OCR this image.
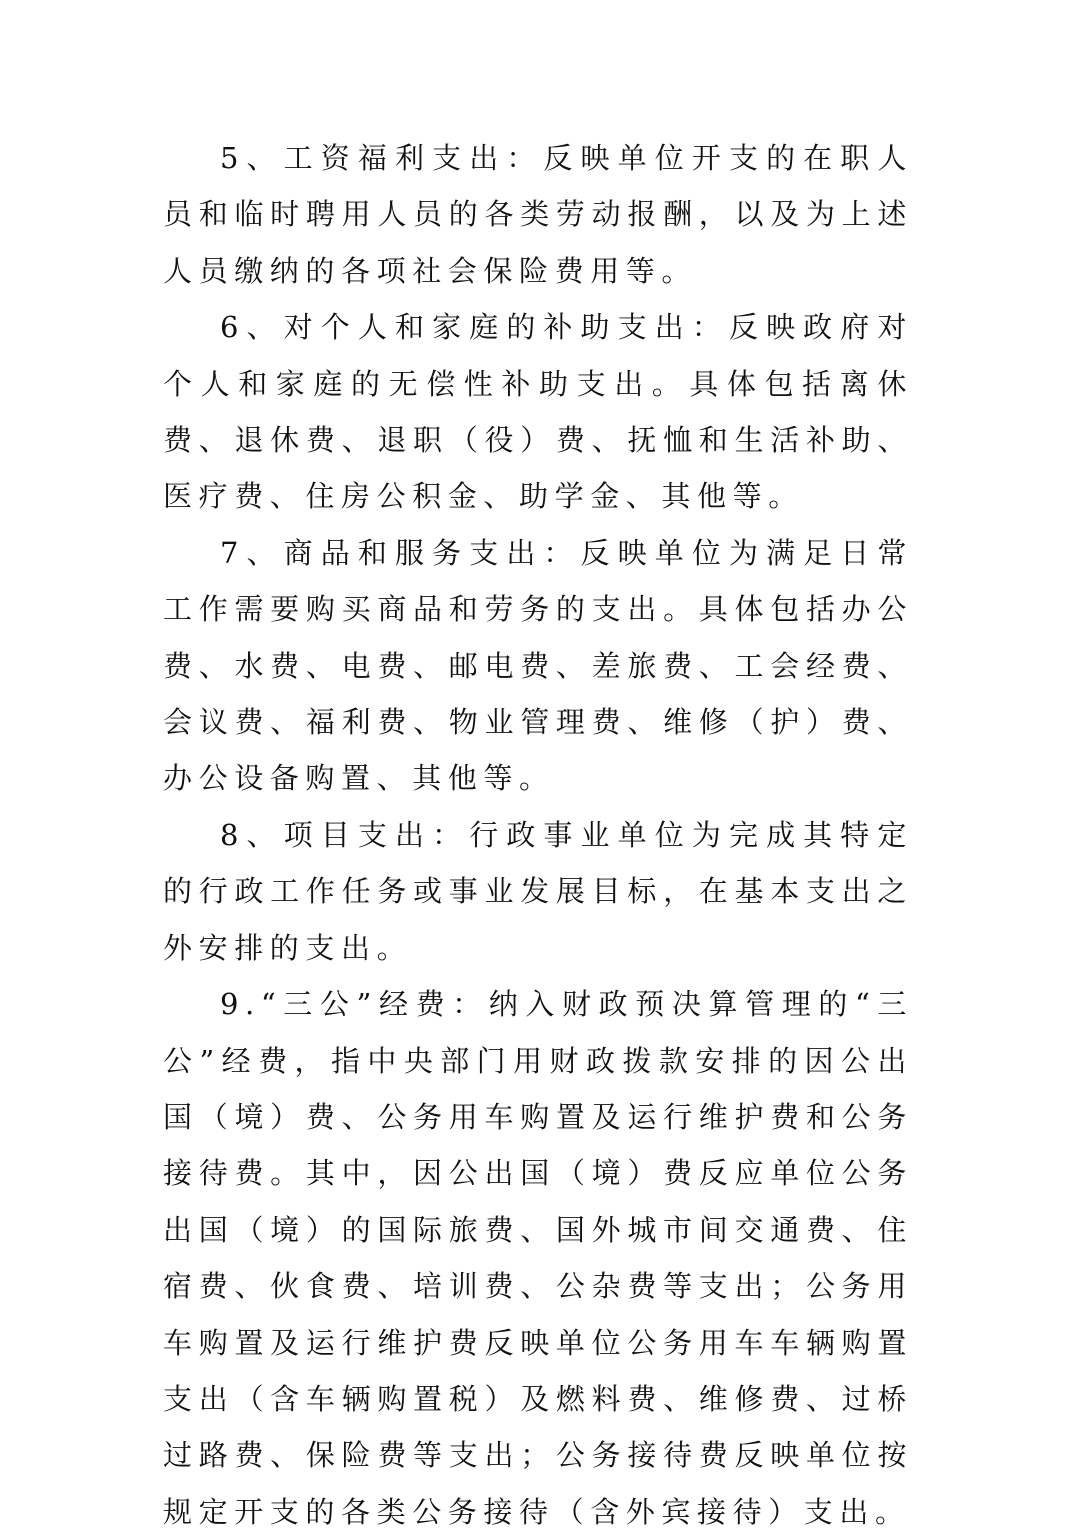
5、工资福利支出：反映单位开支的在职人员和临时聘用人员的各类劳动报酬，以及为上述人员缴纳的各项社会保险费用等。

6、对个人和家庭的补助支出：反映政府对个人和家庭的无偿性补助支出。具体包括离休费、退休费、退职（役）费、抚恤和生活补助、医疗费、住房公积金、助学金、其他等。

7、商品和服务支出：反映单位为满足日常工作需要购买商品和劳务的支出。具体包括办公费、水费、电费、邮电费、差旅费、工会经费、会议费、福利费、物业管理费、维修（护）费、办公设备购置、其他等。

8、项目支出：行政事业单位为完成其特定的行政工作任务或事业发展目标，在基本支出之外安排的支出。

9.“三公”经费：纳入财政预决算管理的“三公”经费，指中央部门用财政拨款安排的因公出国（境）费、公务用车购置及运行维护费和公务接待费。其中，因公出国（境）费反应单位公务出国（境）的国际旅费、国外城市间交通费、住宿费、伙食费、培训费、公杂费等支出；公务用车购置及运行维护费反映单位公务用车车辆购置支出（含车辆购置税）及燃料费、维修费、过桥过路费、保险费等支出；公务接待费反映单位按规定开支的各类公务接待（含外宾接待）支出。
